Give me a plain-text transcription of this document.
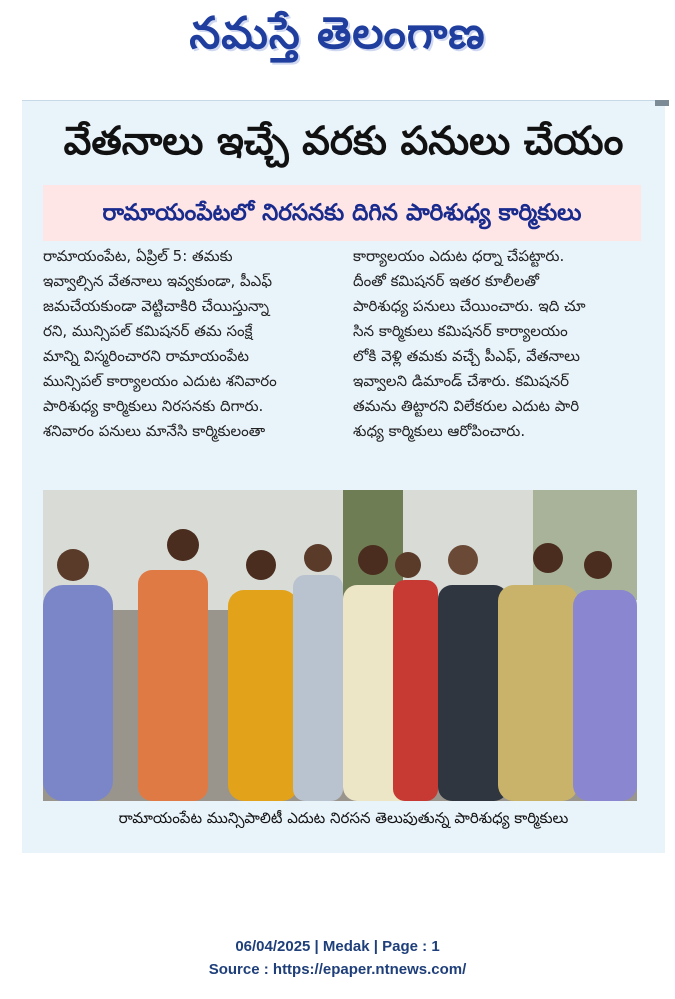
నమస్తే తెలంగాణ
వేతనాలు ఇచ్చే వరకు పనులు చేయం
రామాయంపేటలో నిరసనకు దిగిన పారిశుధ్య కార్మికులు

రామాయంపేట, ఏప్రిల్ 5: తమకు

ఇవ్వాల్సిన వేతనాలు ఇవ్వకుండా, పీఎఫ్

జమచేయకుండా వెట్టిచాకిరి చేయిస్తున్నా

రని, మున్సిపల్ కమిషనర్ తమ సంక్షే

మాన్ని విస్మరించారని రామాయంపేట

మున్సిపల్ కార్యాలయం ఎదుట శనివారం

పారిశుధ్య కార్మికులు నిరసనకు దిగారు.

శనివారం పనులు మానేసి కార్మికులంతా

కార్యాలయం ఎదుట ధర్నా చేపట్టారు.

దీంతో కమిషనర్ ఇతర కూలీలతో

పారిశుధ్య పనులు చేయించారు. ఇది చూ

సిన కార్మికులు కమిషనర్ కార్యాలయం

లోకి వెళ్లి తమకు వచ్చే పీఎఫ్, వేతనాలు

ఇవ్వాలని డిమాండ్ చేశారు. కమిషనర్

తమను తిట్టారని విలేకరుల ఎదుట పారి

శుధ్య కార్మికులు ఆరోపించారు.

రామాయంపేట మున్సిపాలిటీ ఎదుట నిరసన తెలుపుతున్న పారిశుధ్య కార్మికులు
06/04/2025 | Medak | Page : 1
Source : https://epaper.ntnews.com/
